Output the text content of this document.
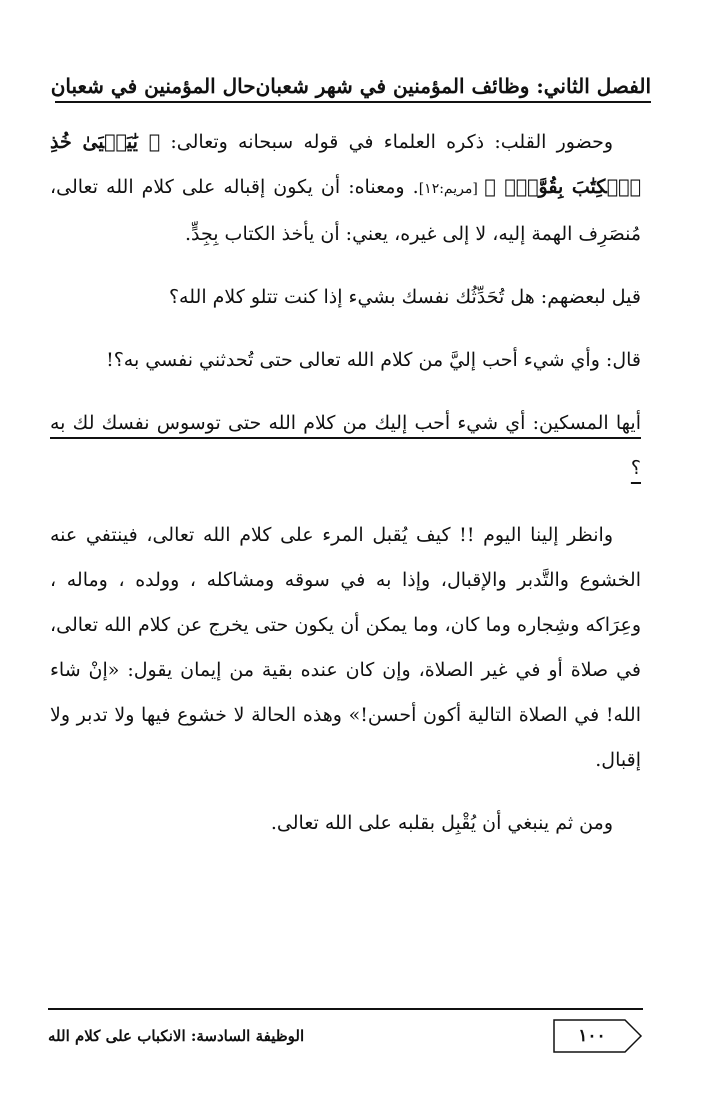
الفصل الثاني: وظائف المؤمنين في شهر شعبان
حال المؤمنين في شعبان

وحضور القلب: ذكره العلماء في قوله سبحانه وتعالى: ﴿ يَٰيَحۡيَىٰ خُذِ ٱلۡكِتَٰبَ بِقُوَّةٖۖ ﴾ [مريم:١٢]. ومعناه: أن يكون إقباله على كلام الله تعالى، مُنصَرِف الهمة إليه، لا إلى غيره، يعني: أن يأخذ الكتاب بِجِدٍّ.

قيل لبعضهم: هل تُحَدِّثُك نفسك بشيء إذا كنت تتلو كلام الله؟

قال: وأي شيء أحب إليَّ من كلام الله تعالى حتى تُحدثني نفسي به؟!

أيها المسكين: أي شيء أحب إليك من كلام الله حتى توسوس نفسك لك به ؟

وانظر إلينا اليوم !! كيف يُقبل المرء على كلام الله تعالى، فينتفي عنه الخشوع والتَّدبر والإقبال، وإذا به في سوقه ومشاكله ، وولده ، وماله ، وعِرَاكه وشِجاره وما كان، وما يمكن أن يكون حتى يخرج عن كلام الله تعالى، في صلاة أو في غير الصلاة، وإن كان عنده بقية من إيمان يقول: «إنْ شاء الله! في الصلاة التالية أكون أحسن!» وهذه الحالة لا خشوع فيها ولا تدبر ولا إقبال.

ومن ثم ينبغي أن يُقْبِل بقلبه على الله تعالى.

١٠٠
الوظيفة السادسة: الانكباب على كلام الله
